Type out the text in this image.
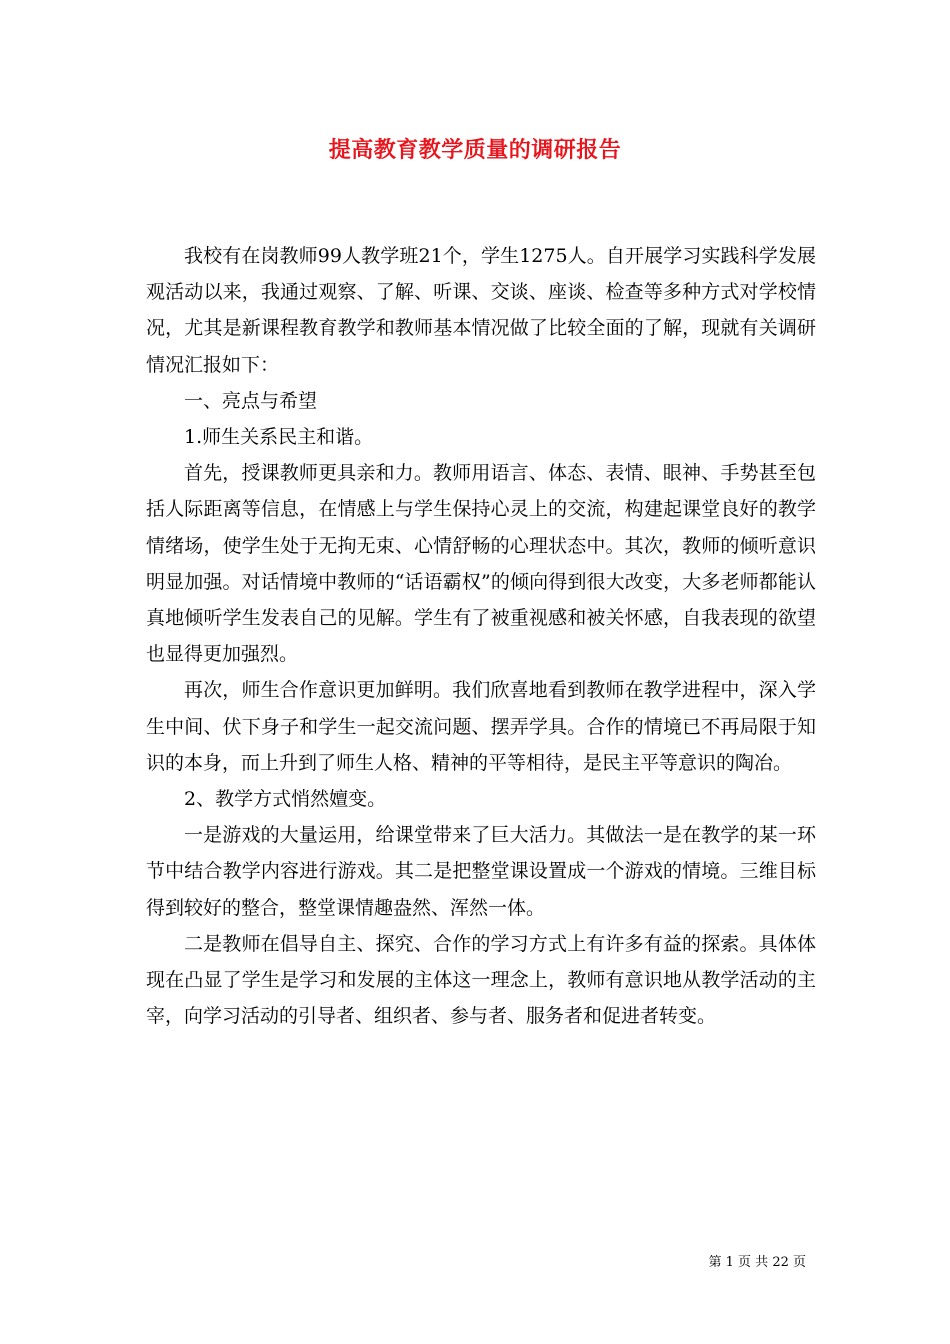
提高教育教学质量的调研报告

我校有在岗教师99人教学班21个，学生1275人。自开展学习实践科学发展观活动以来，我通过观察、了解、听课、交谈、座谈、检查等多种方式对学校情况，尤其是新课程教育教学和教师基本情况做了比较全面的了解，现就有关调研情况汇报如下：

一、亮点与希望

1.师生关系民主和谐。

首先，授课教师更具亲和力。教师用语言、体态、表情、眼神、手势甚至包括人际距离等信息，在情感上与学生保持心灵上的交流，构建起课堂良好的教学情绪场，使学生处于无拘无束、心情舒畅的心理状态中。其次，教师的倾听意识明显加强。对话情境中教师的“话语霸权”的倾向得到很大改变，大多老师都能认真地倾听学生发表自己的见解。学生有了被重视感和被关怀感，自我表现的欲望也显得更加强烈。

再次，师生合作意识更加鲜明。我们欣喜地看到教师在教学进程中，深入学生中间、伏下身子和学生一起交流问题、摆弄学具。合作的情境已不再局限于知识的本身，而上升到了师生人格、精神的平等相待，是民主平等意识的陶冶。

2、教学方式悄然嬗变。

一是游戏的大量运用，给课堂带来了巨大活力。其做法一是在教学的某一环节中结合教学内容进行游戏。其二是把整堂课设置成一个游戏的情境。三维目标得到较好的整合，整堂课情趣盎然、浑然一体。

二是教师在倡导自主、探究、合作的学习方式上有许多有益的探索。具体体现在凸显了学生是学习和发展的主体这一理念上，教师有意识地从教学活动的主宰，向学习活动的引导者、组织者、参与者、服务者和促进者转变。

第 1 页 共 22 页
